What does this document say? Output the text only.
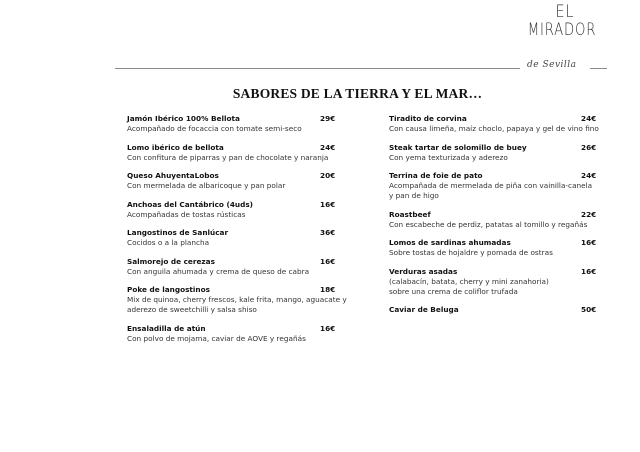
EL
MIRADOR
de Sevilla
SABORES DE LA TIERRA Y EL MAR…
Jamón Ibérico 100% Bellota	29€
Acompañado de focaccia con tomate semi-seco
Lomo ibérico de bellota	24€
Con confitura de piparras y pan de chocolate y naranja
Queso AhuyentaLobos	20€
Con mermelada de albaricoque y pan polar
Anchoas del Cantábrico (4uds)	16€
Acompañadas de tostas rústicas
Langostinos de Sanlúcar	36€
Cocidos o a la plancha
Salmorejo de cerezas	16€
Con anguila ahumada y crema de queso de cabra
Poke de langostinos	18€
Mix de quinoa, cherry frescos, kale frita, mango, aguacate y
aderezo de sweetchilli y salsa shiso
Ensaladilla de atún	16€
Con polvo de mojama, caviar de AOVE y regañás
Tiradito de corvina	24€
Con causa limeña, maíz choclo, papaya y gel de vino fino
Steak tartar de solomillo de buey	26€
Con yema texturizada y aderezo
Terrina de foie de pato	24€
Acompañada de mermelada de piña con vainilla-canela
y pan de higo
Roastbeef	22€
Con escabeche de perdiz, patatas al tomillo y regañás
Lomos de sardinas ahumadas	16€
Sobre tostas de hojaldre y pomada de ostras
Verduras asadas	16€
(calabacín, batata, cherry y mini zanahoria)
sobre una crema de coliflor trufada
Caviar de Beluga	50€
